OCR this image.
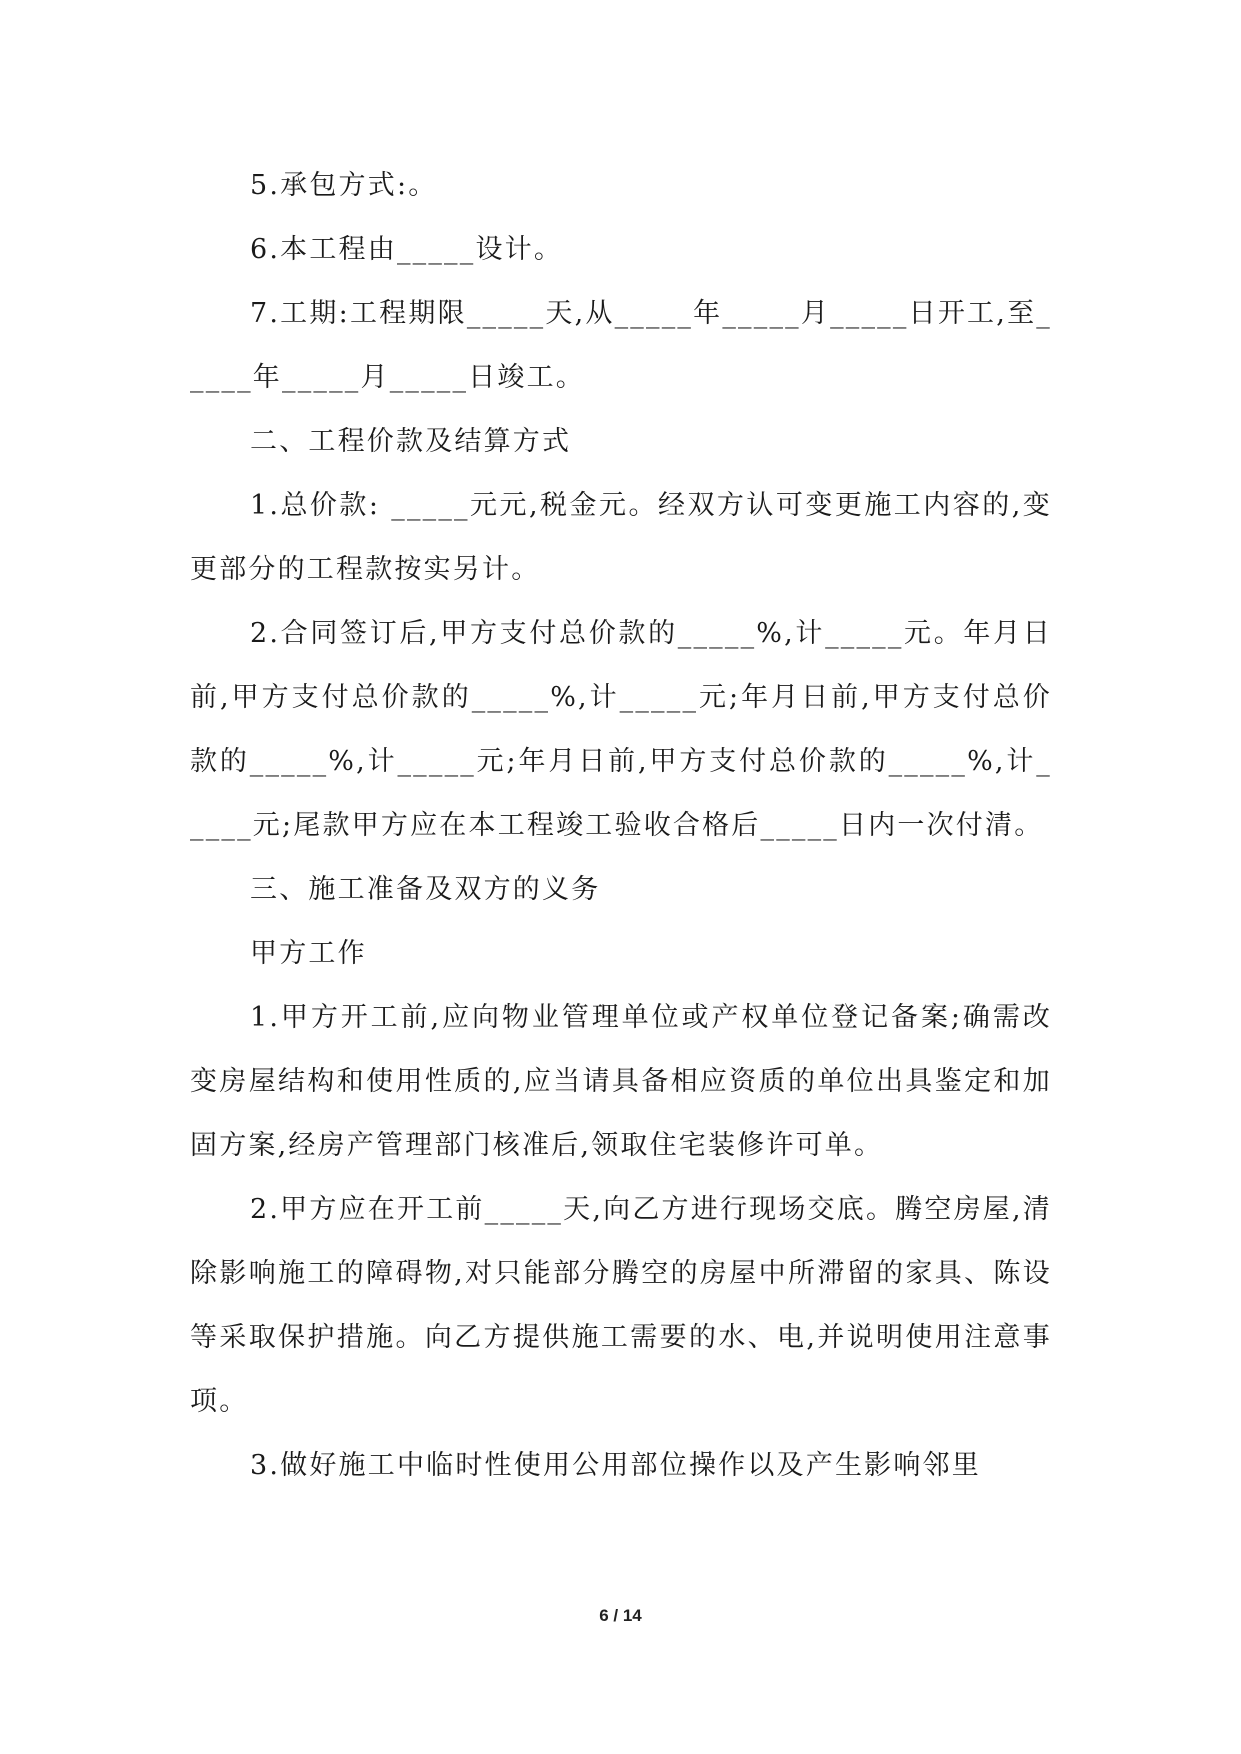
5.承包方式:。

6.本工程由_____设计。

7.工期:工程期限_____天,从_____年_____月_____日开工,至_____年_____月_____日竣工。

二、工程价款及结算方式

1.总价款: _____元元,税金元。经双方认可变更施工内容的,变更部分的工程款按实另计。

2.合同签订后,甲方支付总价款的_____%,计_____元。年月日前,甲方支付总价款的_____%,计_____元;年月日前,甲方支付总价款的_____%,计_____元;年月日前,甲方支付总价款的_____%,计_____元;尾款甲方应在本工程竣工验收合格后_____日内一次付清。

三、施工准备及双方的义务

甲方工作

1.甲方开工前,应向物业管理单位或产权单位登记备案;确需改变房屋结构和使用性质的,应当请具备相应资质的单位出具鉴定和加固方案,经房产管理部门核准后,领取住宅装修许可单。

2.甲方应在开工前_____天,向乙方进行现场交底。腾空房屋,清除影响施工的障碍物,对只能部分腾空的房屋中所滞留的家具、陈设等采取保护措施。向乙方提供施工需要的水、电,并说明使用注意事项。

3.做好施工中临时性使用公用部位操作以及产生影响邻里

6 / 14
